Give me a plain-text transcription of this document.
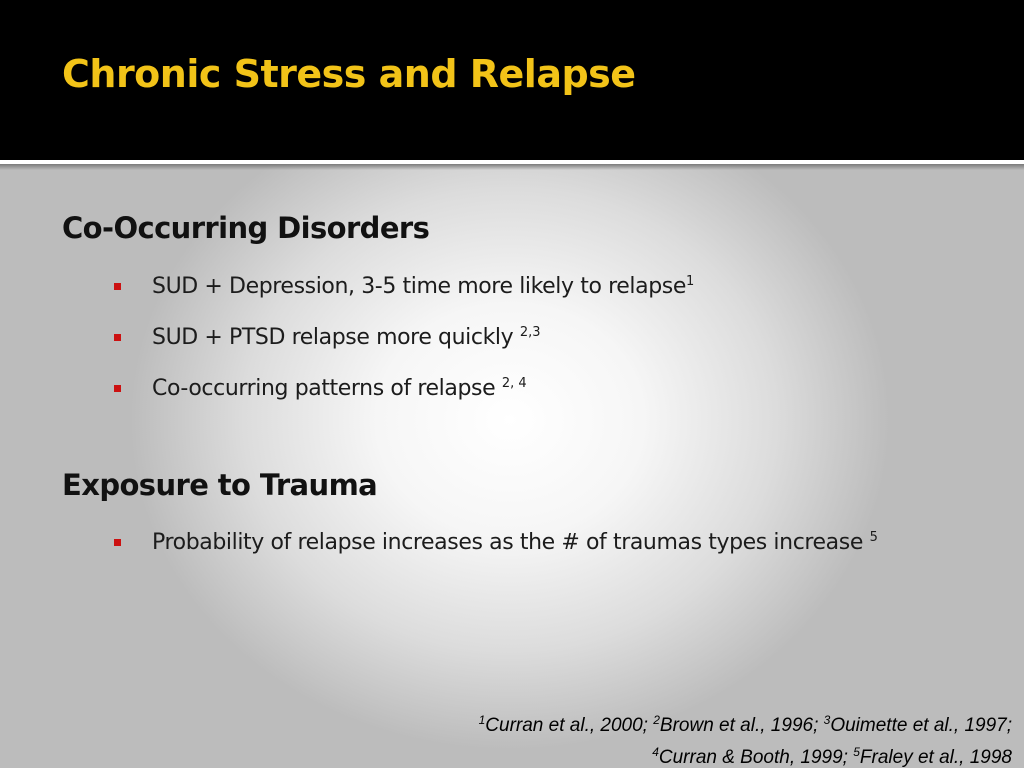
Chronic Stress and Relapse
Co-Occurring Disorders
SUD + Depression, 3-5 time more likely to relapse$^1$
SUD + PTSD relapse more quickly $^{2,3}$
Co-occurring patterns of relapse $^{2, 4}$
Exposure to Trauma
Probability of relapse increases as the # of traumas types increase $^5$
$^1$Curran et al., 2000; $^2$Brown et al., 1996; $^3$Ouimette et al., 1997;
$^4$Curran & Booth, 1999; $^5$Fraley et al., 1998
